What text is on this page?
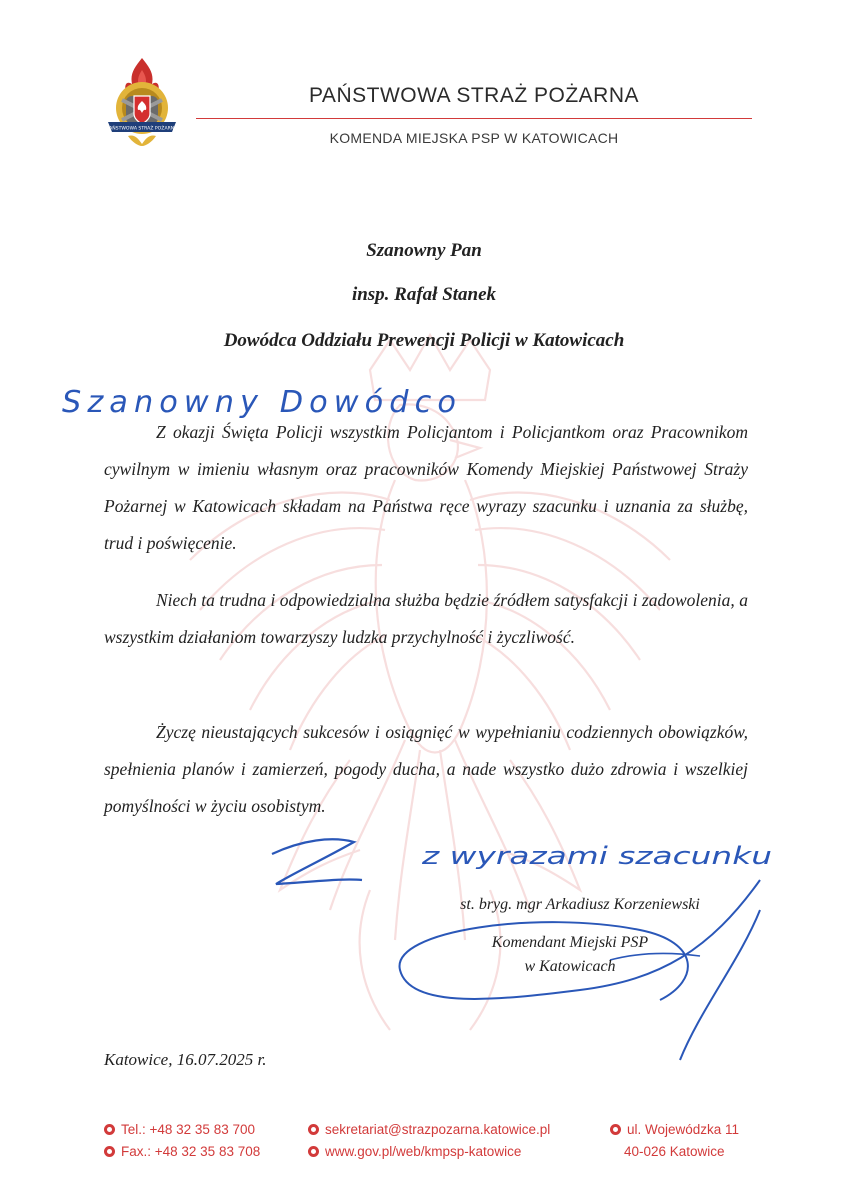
PAŃSTWOWA STRAŻ POŻARNA
PAŃSTWOWA STRAŻ POŻARNA
KOMENDA MIEJSKA PSP W KATOWICACH
Szanowny Pan
insp. Rafał Stanek
Dowódca Oddziału Prewencji Policji w Katowicach
Szanowny Dowódco
Z okazji Święta Policji wszystkim Policjantom i Policjantkom oraz Pracownikom cywilnym w imieniu własnym oraz pracowników Komendy Miejskiej Państwowej Straży Pożarnej w Katowicach składam na Państwa ręce wyrazy szacunku i uznania za służbę, trud i poświęcenie.
Niech ta trudna i odpowiedzialna służba będzie źródłem satysfakcji i zadowolenia, a wszystkim działaniom towarzyszy ludzka przychylność i życzliwość.
Życzę nieustających sukcesów i osiągnięć w wypełnianiu codziennych obowiązków, spełnienia planów i zamierzeń, pogody ducha, a nade wszystko dużo zdrowia i wszelkiej pomyślności w życiu osobistym.
z wyrazami szacunku
st. bryg. mgr Arkadiusz Korzeniewski
Komendant Miejski PSP
w Katowicach
Katowice, 16.07.2025 r.
Tel.: +48 32 35 83 700
Fax.: +48 32 35 83 708
sekretariat@strazpozarna.katowice.pl
www.gov.pl/web/kmpsp-katowice
ul. Wojewódzka 11
40-026 Katowice
